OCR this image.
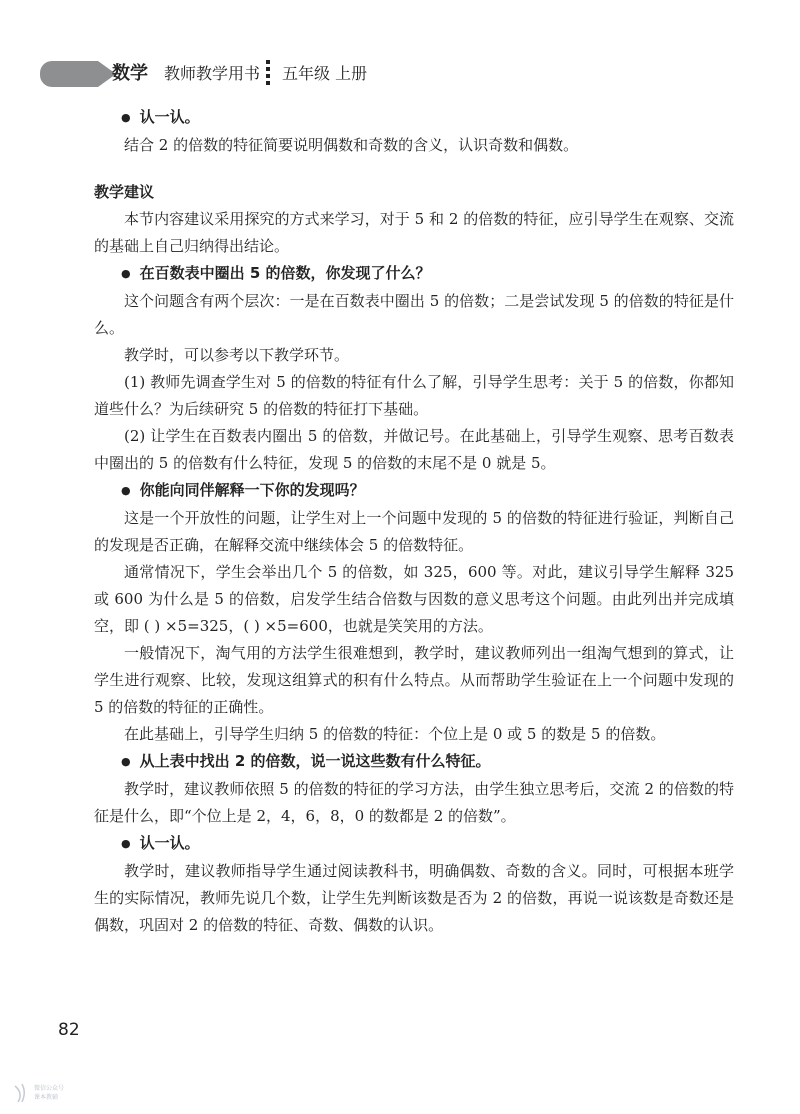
数学 教师教学用书 五年级 上册

● 认一认。

结合 2 的倍数的特征简要说明偶数和奇数的含义，认识奇数和偶数。

教学建议

本节内容建议采用探究的方式来学习，对于 5 和 2 的倍数的特征，应引导学生在观察、交流的基础上自己归纳得出结论。

● 在百数表中圈出 5 的倍数，你发现了什么？

这个问题含有两个层次：一是在百数表中圈出 5 的倍数；二是尝试发现 5 的倍数的特征是什么。

教学时，可以参考以下教学环节。

(1) 教师先调查学生对 5 的倍数的特征有什么了解，引导学生思考：关于 5 的倍数，你都知道些什么？为后续研究 5 的倍数的特征打下基础。

(2) 让学生在百数表内圈出 5 的倍数，并做记号。在此基础上，引导学生观察、思考百数表中圈出的 5 的倍数有什么特征，发现 5 的倍数的末尾不是 0 就是 5。

● 你能向同伴解释一下你的发现吗？

这是一个开放性的问题，让学生对上一个问题中发现的 5 的倍数的特征进行验证，判断自己的发现是否正确，在解释交流中继续体会 5 的倍数特征。

通常情况下，学生会举出几个 5 的倍数，如 325，600 等。对此，建议引导学生解释 325 或 600 为什么是 5 的倍数，启发学生结合倍数与因数的意义思考这个问题。由此列出并完成填空，即 ( ) ×5=325，( ) ×5=600，也就是笑笑用的方法。

一般情况下，淘气用的方法学生很难想到，教学时，建议教师列出一组淘气想到的算式，让学生进行观察、比较，发现这组算式的积有什么特点。从而帮助学生验证在上一个问题中发现的 5 的倍数的特征的正确性。

在此基础上，引导学生归纳 5 的倍数的特征：个位上是 0 或 5 的数是 5 的倍数。

● 从上表中找出 2 的倍数，说一说这些数有什么特征。

教学时，建议教师依照 5 的倍数的特征的学习方法，由学生独立思考后，交流 2 的倍数的特征是什么，即“个位上是 2，4，6，8，0 的数都是 2 的倍数”。

● 认一认。

教学时，建议教师指导学生通过阅读教科书，明确偶数、奇数的含义。同时，可根据本班学生的实际情况，教师先说几个数，让学生先判断该数是否为 2 的倍数，再说一说该数是奇数还是偶数，巩固对 2 的倍数的特征、奇数、偶数的认识。

82
微信公众号
课本教辅
